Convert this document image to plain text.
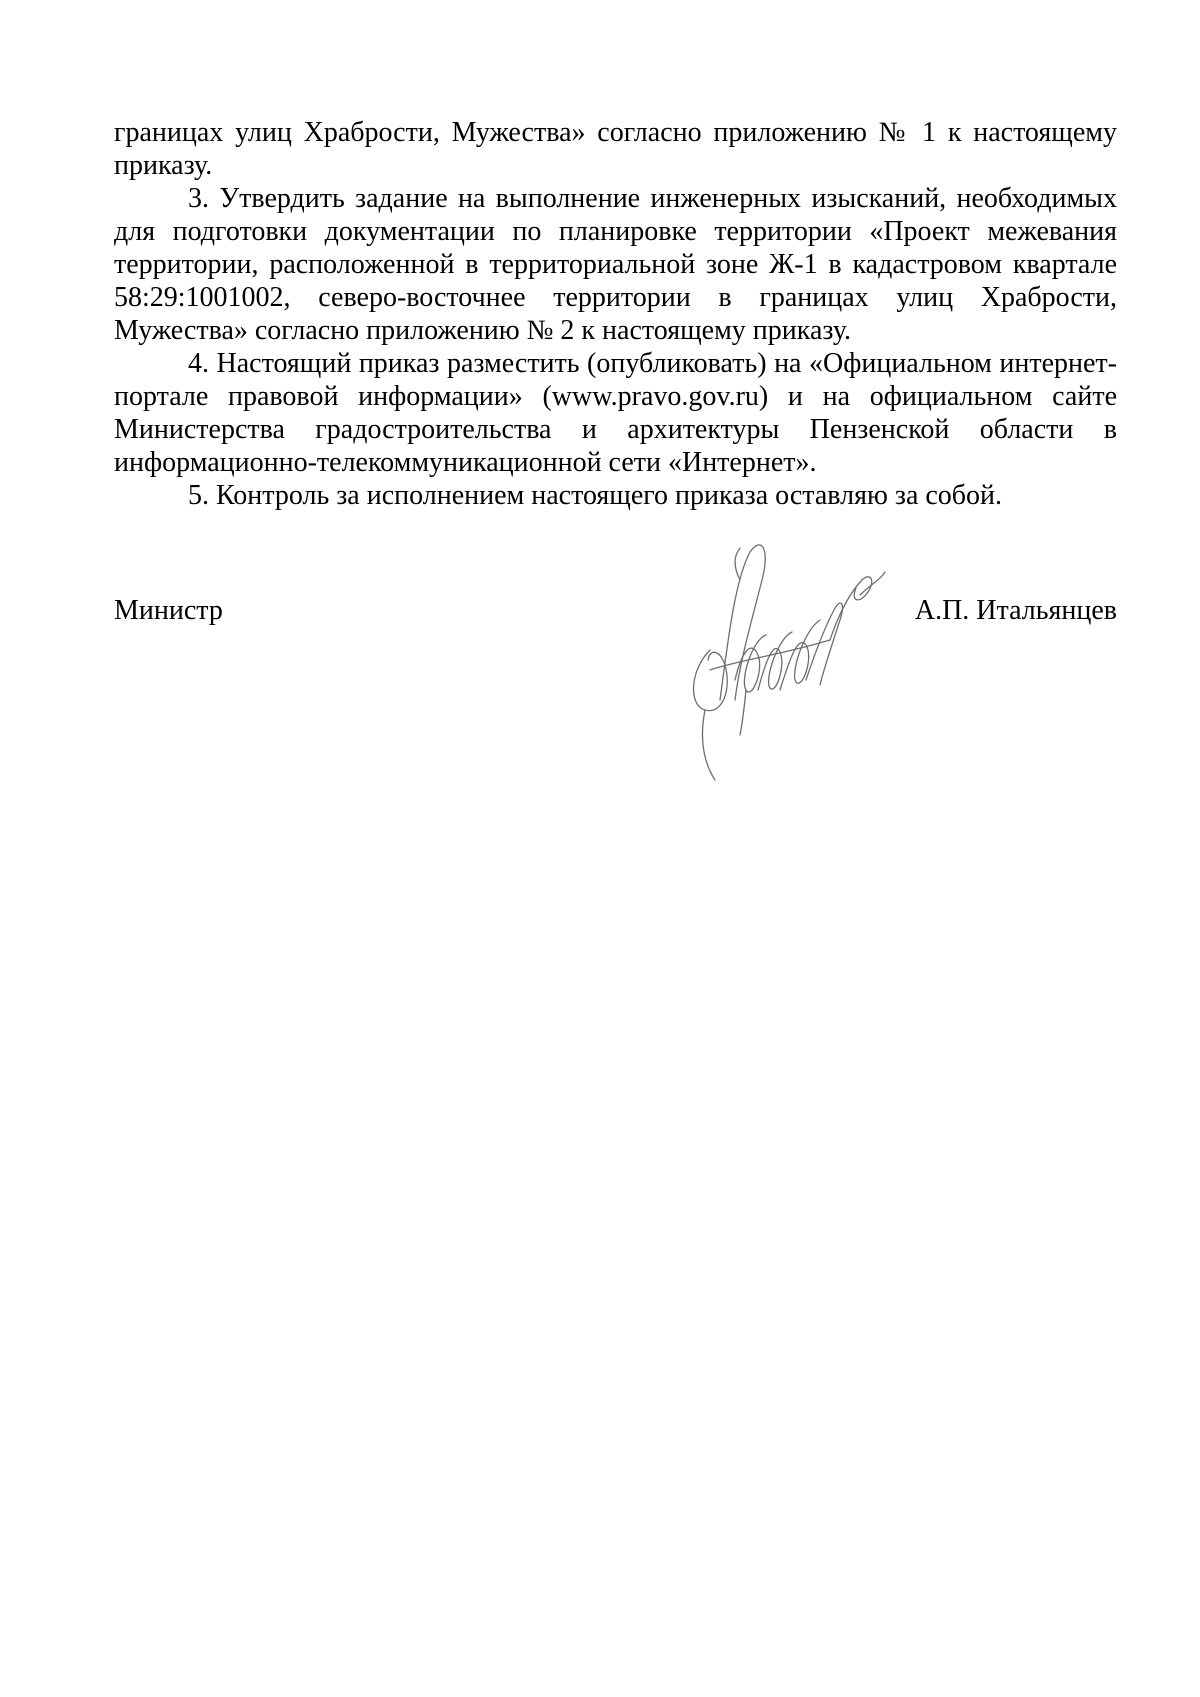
границах улиц Храбрости, Мужества» согласно приложению № 1 к настоящему приказу.

3. Утвердить задание на выполнение инженерных изысканий, необходимых для подготовки документации по планировке территории «Проект межевания территории, расположенной в территориальной зоне Ж-1 в кадастровом квартале 58:29:1001002, северо-восточнее территории в границах улиц Храбрости, Мужества» согласно приложению № 2 к настоящему приказу.

4. Настоящий приказ разместить (опубликовать) на «Официальном интернет-портале правовой информации» (www.pravo.gov.ru) и на официальном сайте Министерства градостроительства и архитектуры Пензенской области в информационно-телекоммуникационной сети «Интернет».

5. Контроль за исполнением настоящего приказа оставляю за собой.

Министр	А.П. Итальянцев
